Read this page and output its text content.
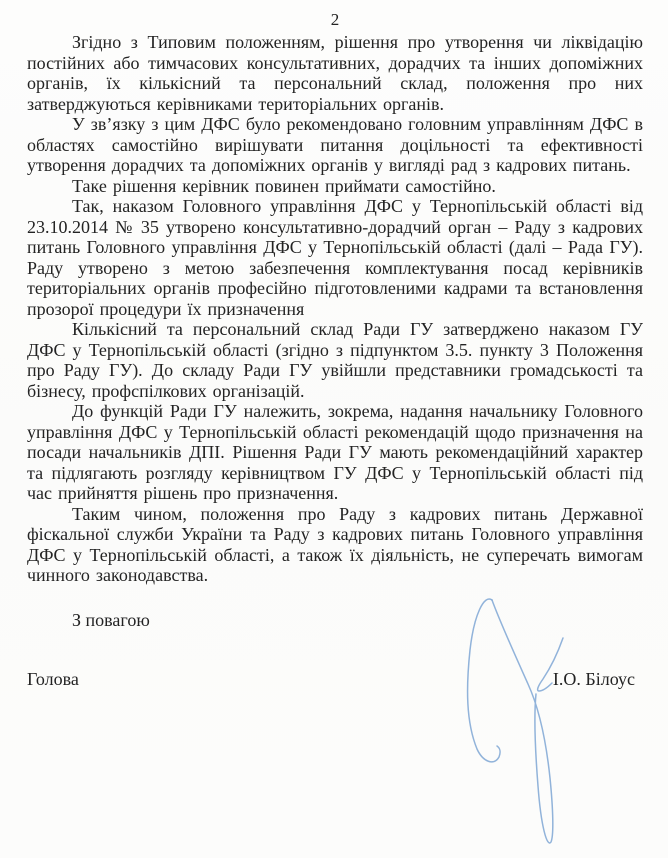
2

Згідно з Типовим положенням, рішення про утворення чи ліквідацію постійних або тимчасових консультативних, дорадчих та інших допоміжних органів, їх кількісний та персональний склад, положення про них затверджуються керівниками територіальних органів.

У зв’язку з цим ДФС було рекомендовано головним управлінням ДФС в областях самостійно вирішувати питання доцільності та ефективності утворення дорадчих та допоміжних органів у вигляді рад з кадрових питань.

Таке рішення керівник повинен приймати самостійно.

Так, наказом Головного управління ДФС у Тернопільській області від 23.10.2014 № 35 утворено консультативно-дорадчий орган – Раду з кадрових питань Головного управління ДФС у Тернопільській області (далі – Рада ГУ). Раду утворено з метою забезпечення комплектування посад керівників територіальних органів професійно підготовленими кадрами та встановлення прозорої процедури їх призначення

Кількісний та персональний склад Ради ГУ затверджено наказом ГУ ДФС у Тернопільській області (згідно з підпунктом 3.5. пункту 3 Положення про Раду ГУ). До складу Ради ГУ увійшли представники громадськості та бізнесу, профспілкових організацій.

До функцій Ради ГУ належить, зокрема, надання начальнику Головного управління ДФС у Тернопільській області рекомендацій щодо призначення на посади начальників ДПІ. Рішення Ради ГУ мають рекомендаційний характер та підлягають розгляду керівництвом ГУ ДФС у Тернопільській області під час прийняття рішень про призначення.

Таким чином, положення про Раду з кадрових питань Державної фіскальної служби України та Раду з кадрових питань Головного управління ДФС у Тернопільській області, а також їх діяльність, не суперечать вимогам чинного законодавства.

З повагою

Голова	І.О. Білоус
